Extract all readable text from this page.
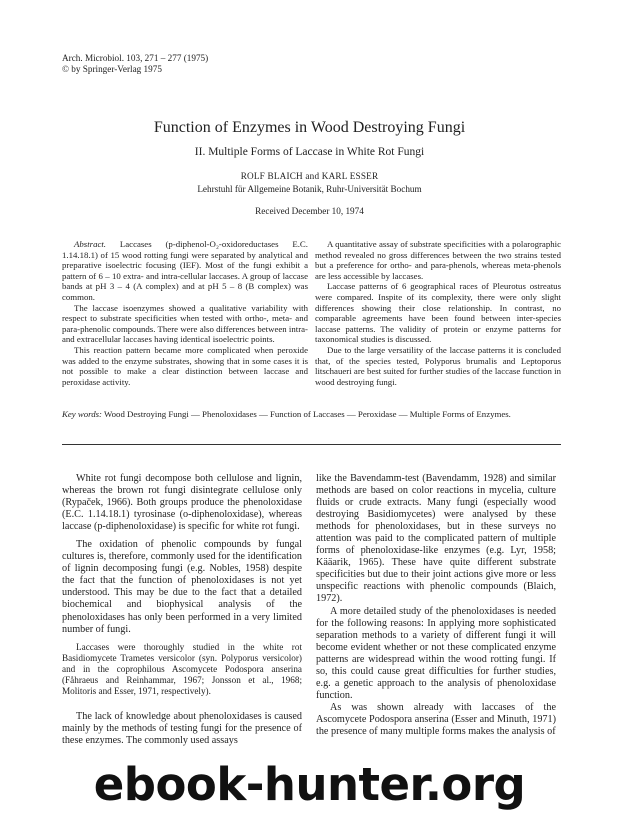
Arch. Microbiol. 103, 271 – 277 (1975)
© by Springer-Verlag 1975
Function of Enzymes in Wood Destroying Fungi
II. Multiple Forms of Laccase in White Rot Fungi
ROLF BLAICH and KARL ESSER
Lehrstuhl für Allgemeine Botanik, Ruhr-Universität Bochum
Received December 10, 1974

Abstract. Laccases (p-diphenol-O₂-oxidoreductases E.C. 1.14.18.1) of 15 wood rotting fungi were separated by analytical and preparative isoelectric focusing (IEF). Most of the fungi exhibit a pattern of 6 – 10 extra- and intra-cellular laccases. A group of laccase bands at pH 3 – 4 (A complex) and at pH 5 – 8 (B complex) was common.

The laccase isoenzymes showed a qualitative variability with respect to substrate specificities when tested with ortho-, meta- and para-phenolic compounds. There were also differences between intra- and extracellular laccases having identical isoelectric points.

This reaction pattern became more complicated when peroxide was added to the enzyme substrates, showing that in some cases it is not possible to make a clear distinction between laccase and peroxidase activity.

A quantitative assay of substrate specificities with a polarographic method revealed no gross differences between the two strains tested but a preference for ortho- and para-phenols, whereas meta-phenols are less accessible by laccases.

Laccase patterns of 6 geographical races of Pleurotus ostreatus were compared. Inspite of its complexity, there were only slight differences showing their close relationship. In contrast, no comparable agreements have been found between inter-species laccase patterns. The validity of protein or enzyme patterns for taxonomical studies is discussed.

Due to the large versatility of the laccase patterns it is concluded that, of the species tested, Polyporus brumalis and Leptoporus litschaueri are best suited for further studies of the laccase function in wood destroying fungi.

Key words: Wood Destroying Fungi — Phenoloxidases — Function of Laccases — Peroxidase — Multiple Forms of Enzymes.

White rot fungi decompose both cellulose and lignin, whereas the brown rot fungi disintegrate cellulose only (Rypaček, 1966). Both groups produce the phenoloxidase (E.C. 1.14.18.1) tyrosinase (o-diphenoloxidase), whereas laccase (p-diphenoloxidase) is specific for white rot fungi.

The oxidation of phenolic compounds by fungal cultures is, therefore, commonly used for the identification of lignin decomposing fungi (e.g. Nobles, 1958) despite the fact that the function of phenoloxidases is not yet understood. This may be due to the fact that a detailed biochemical and biophysical analysis of the phenoloxidases has only been performed in a very limited number of fungi.

Laccases were thoroughly studied in the white rot Basidiomycete Trametes versicolor (syn. Polyporus versicolor) and in the coprophilous Ascomycete Podospora anserina (Fåhraeus and Reinhammar, 1967; Jonsson et al., 1968; Molitoris and Esser, 1971, respectively).

The lack of knowledge about phenoloxidases is caused mainly by the methods of testing fungi for the presence of these enzymes. The commonly used assays

like the Bavendamm-test (Bavendamm, 1928) and similar methods are based on color reactions in mycelia, culture fluids or crude extracts. Many fungi (especially wood destroying Basidiomycetes) were analysed by these methods for phenoloxidases, but in these surveys no attention was paid to the complicated pattern of multiple forms of phenoloxidase-like enzymes (e.g. Lyr, 1958; Kääarik, 1965). These have quite different substrate specificities but due to their joint actions give more or less unspecific reactions with phenolic compounds (Blaich, 1972).

A more detailed study of the phenoloxidases is needed for the following reasons: In applying more sophisticated separation methods to a variety of different fungi it will become evident whether or not these complicated enzyme patterns are widespread within the wood rotting fungi. If so, this could cause great difficulties for further studies, e.g. a genetic approach to the analysis of phenoloxidase function.

As was shown already with laccases of the Ascomycete Podospora anserina (Esser and Minuth, 1971) the presence of many multiple forms makes the analysis of

ebook-hunter.org
